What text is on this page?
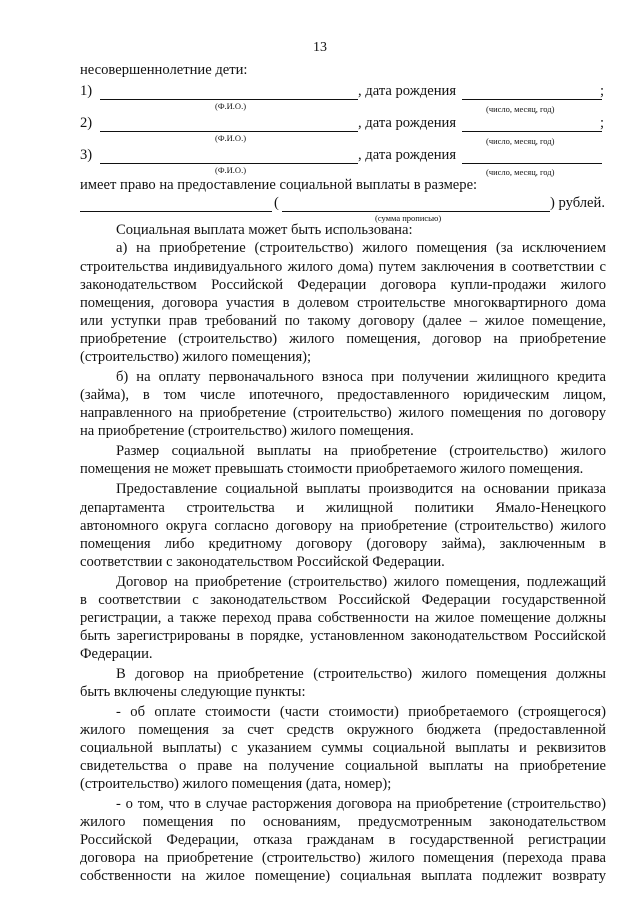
13
несовершеннолетние дети:
1)	, дата рождения	;
(Ф.И.О.)	(число, месяц, год)
2)	, дата рождения	;
(Ф.И.О.)	(число, месяц, год)
3)	, дата рождения
(Ф.И.О.)	(число, месяц, год)
имеет право на предоставление социальной выплаты в размере:
(	) рублей.
(сумма прописью)
Социальная выплата может быть использована:
а) на приобретение (строительство) жилого помещения (за исключением
строительства индивидуального жилого дома) путем заключения в соответствии с
законодательством Российской Федерации договора купли-продажи жилого
помещения, договора участия в долевом строительстве многоквартирного дома
или уступки прав требований по такому договору (далее – жилое помещение,
приобретение (строительство) жилого помещения, договор на приобретение
(строительство) жилого помещения);
б) на оплату первоначального взноса при получении жилищного кредита
(займа), в том числе ипотечного, предоставленного юридическим лицом,
направленного на приобретение (строительство) жилого помещения по договору
на приобретение (строительство) жилого помещения.
Размер социальной выплаты на приобретение (строительство) жилого
помещения не может превышать стоимости приобретаемого жилого помещения.
Предоставление социальной выплаты производится на основании приказа
департамента строительства и жилищной политики Ямало-Ненецкого
автономного округа согласно договору на приобретение (строительство) жилого
помещения либо кредитному договору (договору займа), заключенным в
соответствии с законодательством Российской Федерации.
Договор на приобретение (строительство) жилого помещения, подлежащий
в соответствии с законодательством Российской Федерации государственной
регистрации, а также переход права собственности на жилое помещение должны
быть зарегистрированы в порядке, установленном законодательством Российской
Федерации.
В договор на приобретение (строительство) жилого помещения должны
быть включены следующие пункты:
- об оплате стоимости (части стоимости) приобретаемого (строящегося)
жилого помещения за счет средств окружного бюджета (предоставленной
социальной выплаты) с указанием суммы социальной выплаты и реквизитов
свидетельства о праве на получение социальной выплаты на приобретение
(строительство) жилого помещения (дата, номер);
- о том, что в случае расторжения договора на приобретение (строительство)
жилого помещения по основаниям, предусмотренным законодательством
Российской Федерации, отказа гражданам в государственной регистрации
договора на приобретение (строительство) жилого помещения (перехода права
собственности на жилое помещение) социальная выплата подлежит возврату
